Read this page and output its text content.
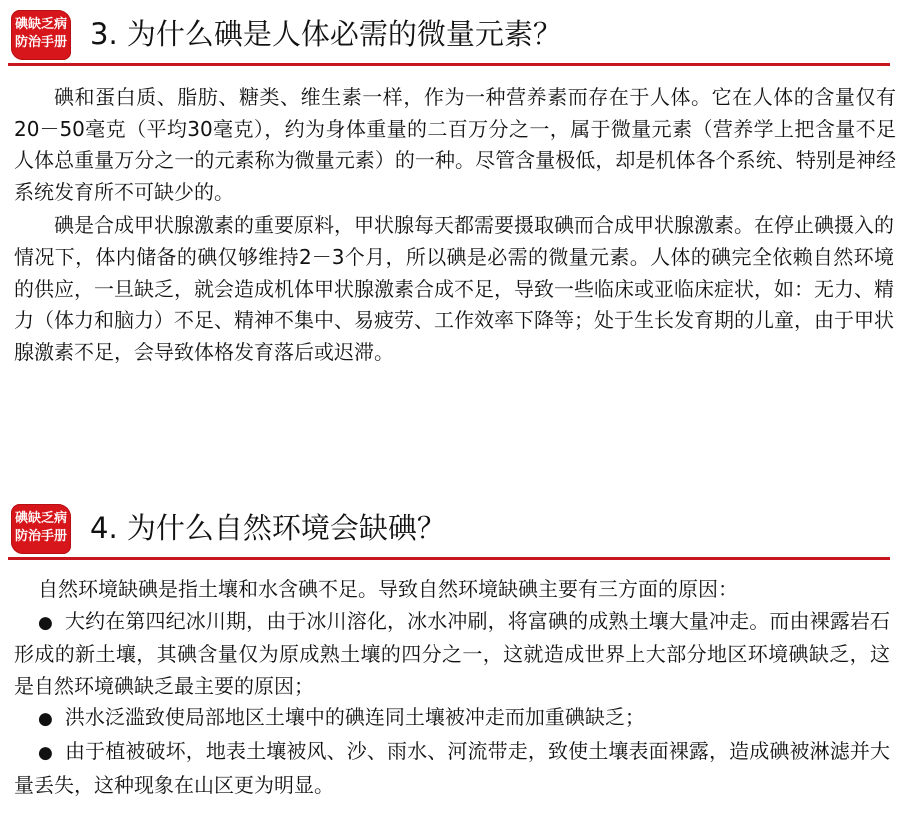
碘缺乏病
防治手册 3. 为什么碘是人体必需的微量元素？

碘和蛋白质、脂肪、糖类、维生素一样，作为一种营养素而存在于人体。它在人体的含量仅有20－50毫克（平均30毫克），约为身体重量的二百万分之一，属于微量元素（营养学上把含量不足人体总重量万分之一的元素称为微量元素）的一种。尽管含量极低，却是机体各个系统、特别是神经系统发育所不可缺少的。

碘是合成甲状腺激素的重要原料，甲状腺每天都需要摄取碘而合成甲状腺激素。在停止碘摄入的情况下，体内储备的碘仅够维持2－3个月，所以碘是必需的微量元素。人体的碘完全依赖自然环境的供应，一旦缺乏，就会造成机体甲状腺激素合成不足，导致一些临床或亚临床症状，如：无力、精力（体力和脑力）不足、精神不集中、易疲劳、工作效率下降等；处于生长发育期的儿童，由于甲状腺激素不足，会导致体格发育落后或迟滞。

碘缺乏病
防治手册 4. 为什么自然环境会缺碘？

自然环境缺碘是指土壤和水含碘不足。导致自然环境缺碘主要有三方面的原因：

● 大约在第四纪冰川期，由于冰川溶化，冰水冲刷，将富碘的成熟土壤大量冲走。而由裸露岩石形成的新土壤，其碘含量仅为原成熟土壤的四分之一，这就造成世界上大部分地区环境碘缺乏，这是自然环境碘缺乏最主要的原因；

● 洪水泛滥致使局部地区土壤中的碘连同土壤被冲走而加重碘缺乏；

● 由于植被破坏，地表土壤被风、沙、雨水、河流带走，致使土壤表面裸露，造成碘被淋滤并大量丢失，这种现象在山区更为明显。
